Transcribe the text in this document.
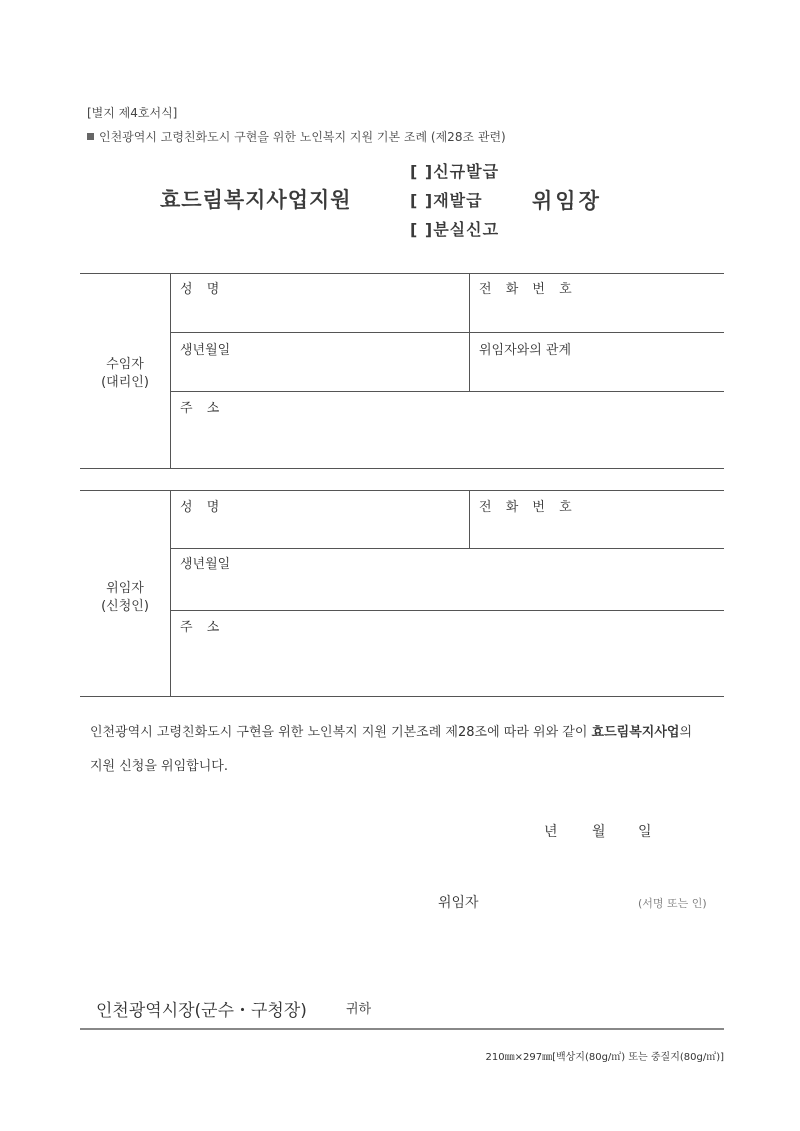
[별지 제4호서식]
인천광역시 고령친화도시 구현을 위한 노인복지 지원 기본 조례 (제28조 관련)
효드림복지사업지원
[ ]신규발급
[ ]재발급
[ ]분실신고
위임장
수임자
(대리인)
성 명	전 화 번 호
생년월일	위임자와의 관계
주 소
위임자
(신청인)
성 명	전 화 번 호
생년월일
주 소
인천광역시 고령친화도시 구현을 위한 노인복지 지원 기본조례 제28조에 따라 위와 같이 효드림복지사업의
지원 신청을 위임합니다.
년 월 일
위임자	(서명 또는 인)
인천광역시장(군수・구청장)	귀하
210㎜×297㎜[백상지(80g/㎡) 또는 중질지(80g/㎡)]
